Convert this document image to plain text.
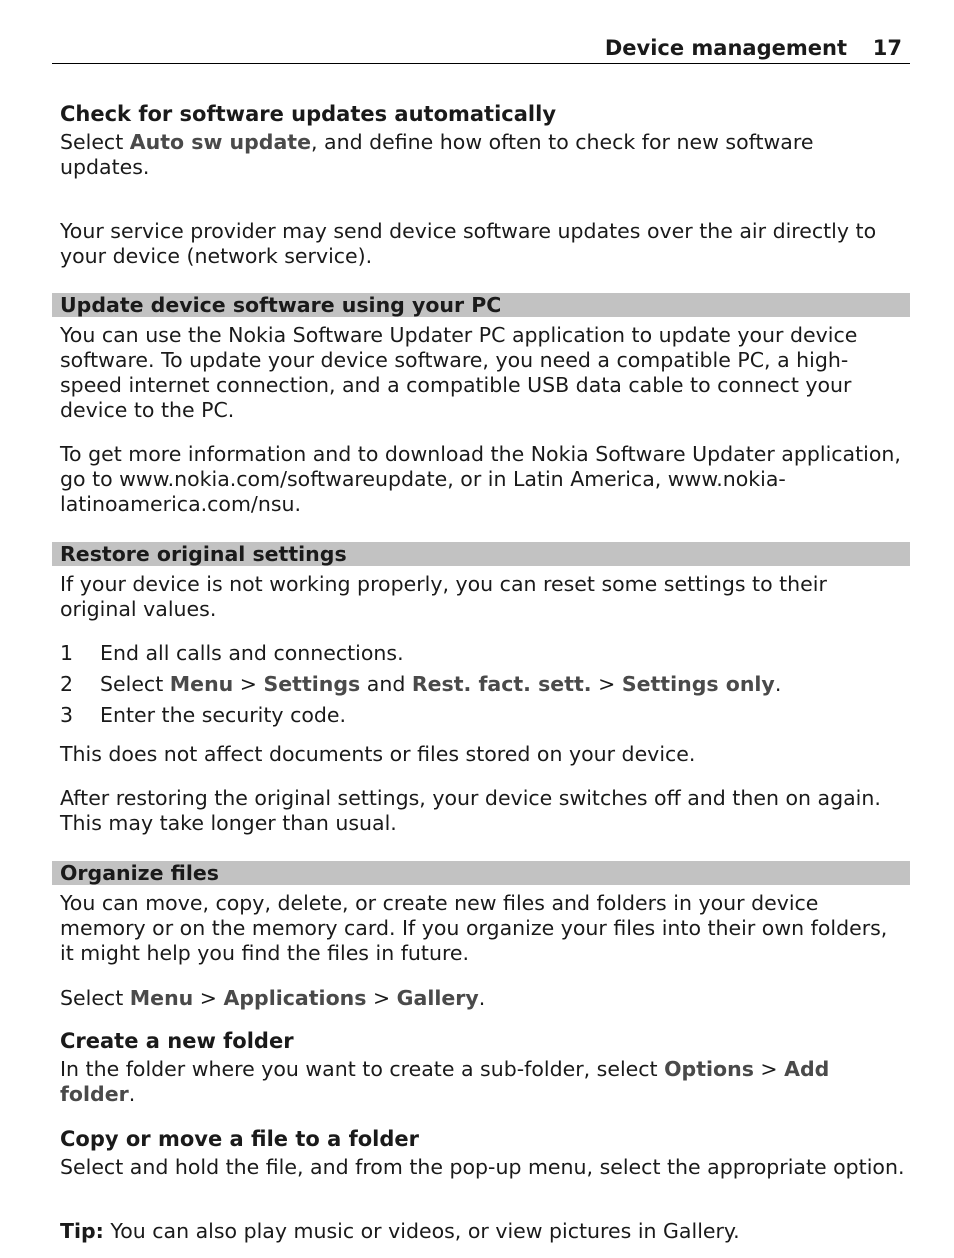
Device management 17
Check for software updates automatically

Select Auto sw update, and define how often to check for new software updates.

Your service provider may send device software updates over the air directly to your device (network service).

Update device software using your PC

You can use the Nokia Software Updater PC application to update your device software. To update your device software, you need a compatible PC, a high-speed internet connection, and a compatible USB data cable to connect your device to the PC.

To get more information and to download the Nokia Software Updater application, go to www.nokia.com/softwareupdate, or in Latin America, www.nokia-latinoamerica.com/nsu.

Restore original settings

If your device is not working properly, you can reset some settings to their original values.

1 End all calls and connections.
2 Select Menu > Settings and Rest. fact. sett. > Settings only.
3 Enter the security code.

This does not affect documents or files stored on your device.

After restoring the original settings, your device switches off and then on again. This may take longer than usual.

Organize files

You can move, copy, delete, or create new files and folders in your device memory or on the memory card. If you organize your files into their own folders, it might help you find the files in future.

Select Menu > Applications > Gallery.

Create a new folder

In the folder where you want to create a sub-folder, select Options > Add folder.

Copy or move a file to a folder

Select and hold the file, and from the pop-up menu, select the appropriate option.

Tip: You can also play music or videos, or view pictures in Gallery.
